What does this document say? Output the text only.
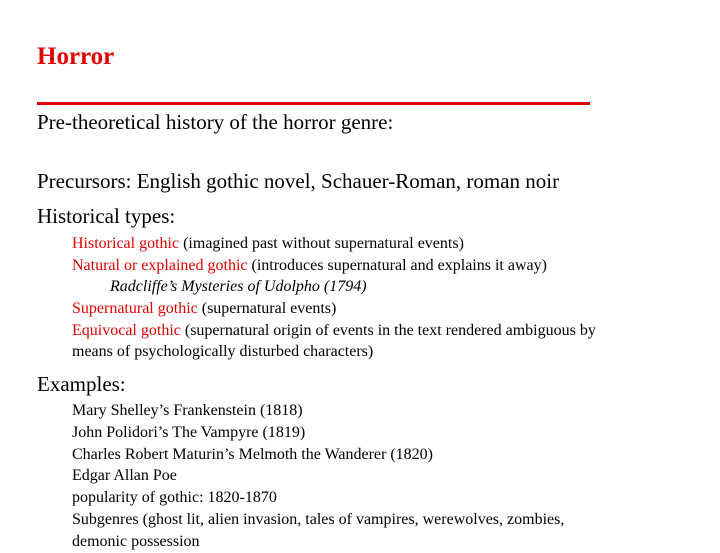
Horror
Pre-theoretical history of the horror genre:
Precursors: English gothic novel, Schauer-Roman, roman noir
Historical types:
Historical gothic (imagined past without supernatural events)
Natural or explained gothic (introduces supernatural and explains it away)
Radcliffe’s Mysteries of Udolpho (1794)
Supernatural gothic (supernatural events)
Equivocal gothic (supernatural origin of events in the text rendered ambiguous by
means of psychologically disturbed characters)
Examples:
Mary Shelley’s Frankenstein (1818)
John Polidori’s The Vampyre (1819)
Charles Robert Maturin’s Melmoth the Wanderer (1820)
Edgar Allan Poe
popularity of gothic: 1820-1870
Subgenres (ghost lit, alien invasion, tales of vampires, werewolves, zombies,
demonic possession
